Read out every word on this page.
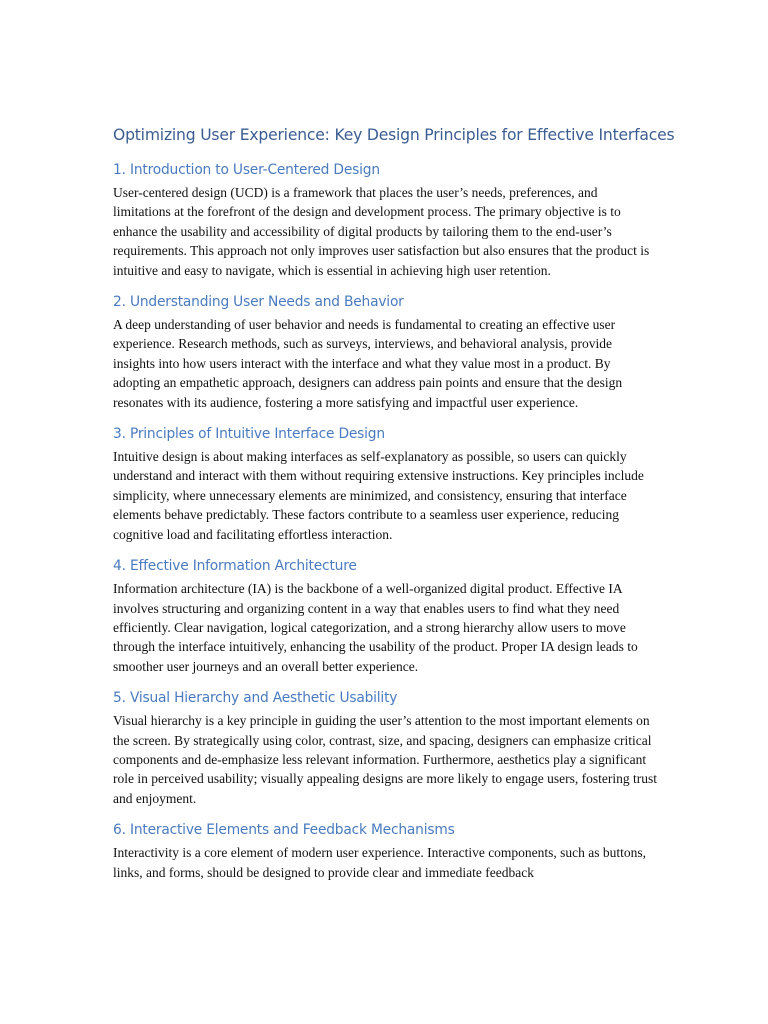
Optimizing User Experience: Key Design Principles for Effective Interfaces
1. Introduction to User-Centered Design

User-centered design (UCD) is a framework that places the user’s needs, preferences, and limitations at the forefront of the design and development process. The primary objective is to enhance the usability and accessibility of digital products by tailoring them to the end-user’s requirements. This approach not only improves user satisfaction but also ensures that the product is intuitive and easy to navigate, which is essential in achieving high user retention.

2. Understanding User Needs and Behavior

A deep understanding of user behavior and needs is fundamental to creating an effective user experience. Research methods, such as surveys, interviews, and behavioral analysis, provide insights into how users interact with the interface and what they value most in a product. By adopting an empathetic approach, designers can address pain points and ensure that the design resonates with its audience, fostering a more satisfying and impactful user experience.

3. Principles of Intuitive Interface Design

Intuitive design is about making interfaces as self-explanatory as possible, so users can quickly understand and interact with them without requiring extensive instructions. Key principles include simplicity, where unnecessary elements are minimized, and consistency, ensuring that interface elements behave predictably. These factors contribute to a seamless user experience, reducing cognitive load and facilitating effortless interaction.

4. Effective Information Architecture

Information architecture (IA) is the backbone of a well-organized digital product. Effective IA involves structuring and organizing content in a way that enables users to find what they need efficiently. Clear navigation, logical categorization, and a strong hierarchy allow users to move through the interface intuitively, enhancing the usability of the product. Proper IA design leads to smoother user journeys and an overall better experience.

5. Visual Hierarchy and Aesthetic Usability

Visual hierarchy is a key principle in guiding the user’s attention to the most important elements on the screen. By strategically using color, contrast, size, and spacing, designers can emphasize critical components and de-emphasize less relevant information. Furthermore, aesthetics play a significant role in perceived usability; visually appealing designs are more likely to engage users, fostering trust and enjoyment.

6. Interactive Elements and Feedback Mechanisms

Interactivity is a core element of modern user experience. Interactive components, such as buttons, links, and forms, should be designed to provide clear and immediate feedback
